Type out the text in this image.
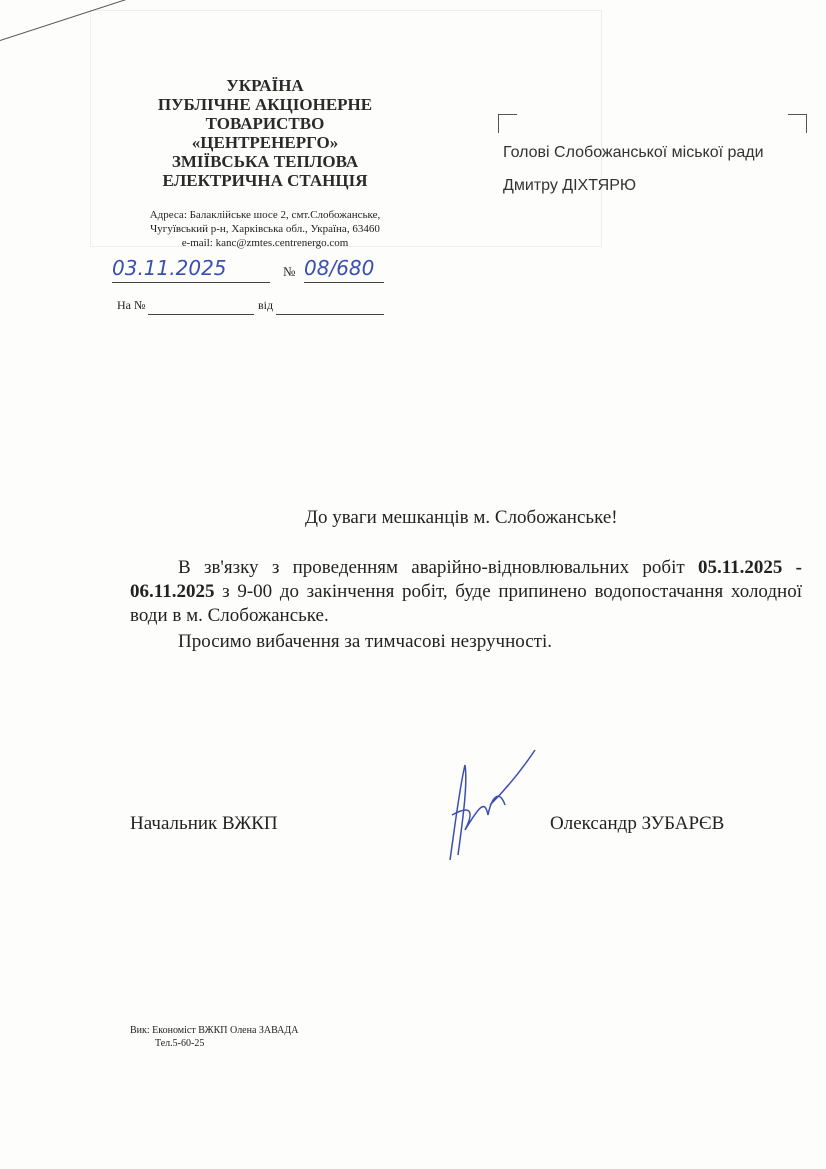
УКРАЇНА
ПУБЛІЧНЕ АКЦІОНЕРНЕ
ТОВАРИСТВО
«ЦЕНТРЕНЕРГО»
ЗМІЇВСЬКА ТЕПЛОВА
ЕЛЕКТРИЧНА СТАНЦІЯ
Адреса: Балаклійське шосе 2, смт.Слобожанське,
Чугуївський р-н, Харківська обл., Україна, 63460
e-mail: kanc@zmtes.centrenergo.com
03.11.2025	№ 08/680
На №	від
Голові Слобожанської міської ради
Дмитру ДІХТЯРЮ
До уваги мешканців м. Слобожанське!
В зв'язку з проведенням аварійно-відновлювальних робіт 05.11.2025 - 06.11.2025 з 9-00 до закінчення робіт, буде припинено водопостачання холодної води в м. Слобожанське.
Просимо вибачення за тимчасові незручності.
Начальник ВЖКП	Олександр ЗУБАРЄВ
Вик: Економіст ВЖКП Олена ЗАВАДА
Тел.5-60-25
